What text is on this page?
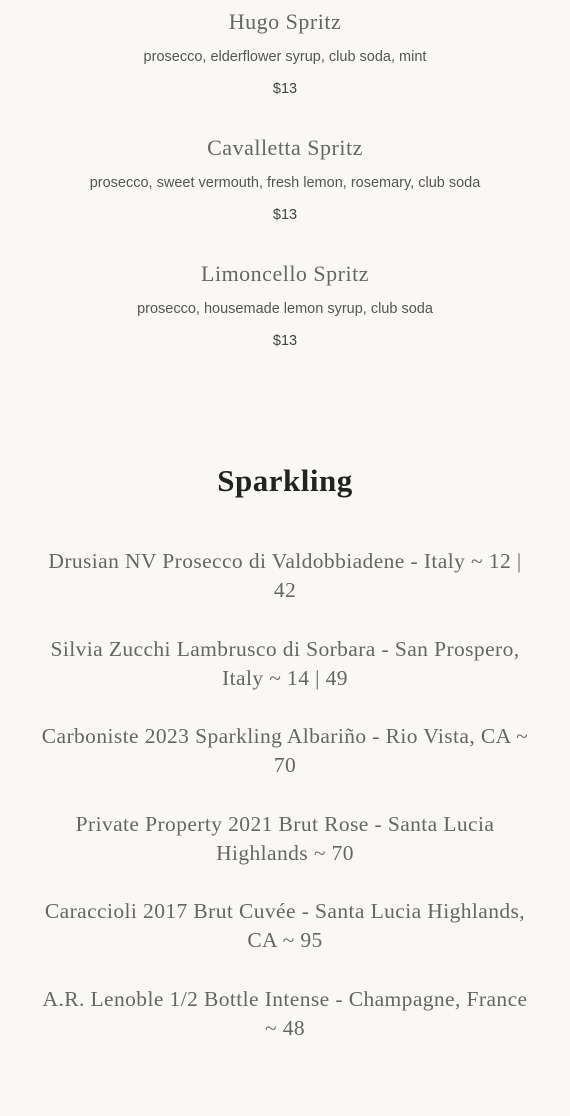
Hugo Spritz

prosecco, elderflower syrup, club soda, mint

$13

Cavalletta Spritz

prosecco, sweet vermouth, fresh lemon, rosemary, club soda

$13

Limoncello Spritz

prosecco, housemade lemon syrup, club soda

$13

Sparkling

Drusian NV Prosecco di Valdobbiadene - Italy ~ 12 | 42

Silvia Zucchi Lambrusco di Sorbara - San Prospero, Italy ~ 14 | 49

Carboniste 2023 Sparkling Albariño - Rio Vista, CA ~ 70

Private Property 2021 Brut Rose - Santa Lucia Highlands ~ 70

Caraccioli 2017 Brut Cuvée - Santa Lucia Highlands, CA ~ 95

A.R. Lenoble 1/2 Bottle Intense - Champagne, France ~ 48
